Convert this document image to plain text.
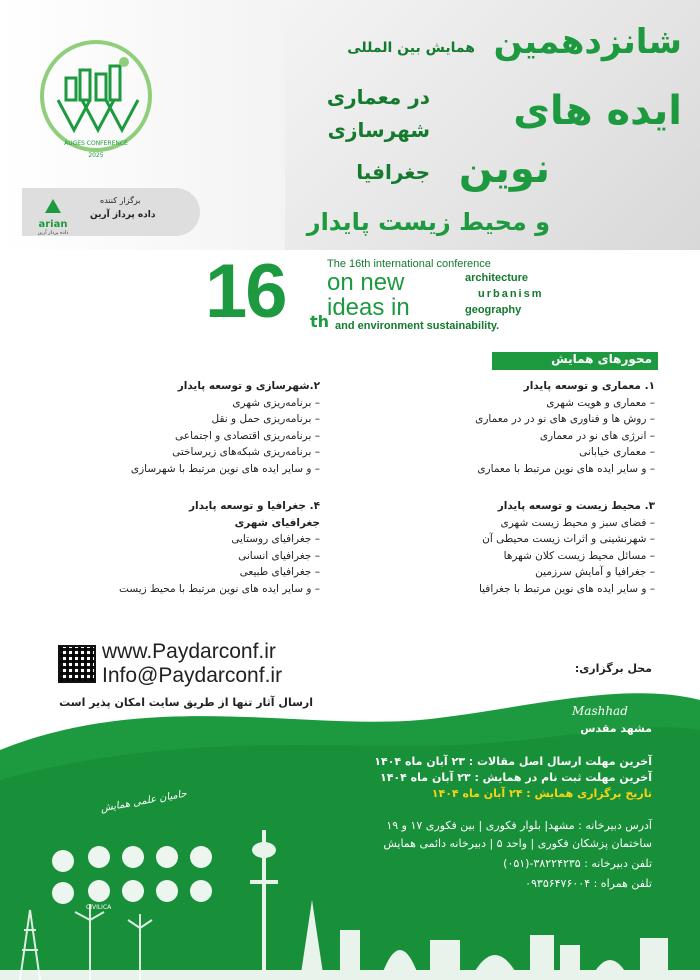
AUGES CONFERENCE
2025
arian
داده پرداز آرین
برگزار کننده
داده پرداز آرین
شانزدهمین
همایش بین المللی
ایده های
در معماری
شهرسازی
نوین
جغرافیا
و محیط زیست پایدار
16 th
The 16th international conference
on new
ideas in
architecture
urbanism
geography
and environment sustainability.
محورهای همایش
۱. معماری و توسعه پایدار
– معماری و هویت شهری
– روش ها و فناوری های نو در در معماری
– انرژی های نو در معماری
– معماری خیابانی
– و سایر ایده های نوین مرتبط با معماری
۲.شهرسازی و توسعه پایدار
– برنامه‌ریزی شهری
– برنامه‌ریزی حمل و نقل
– برنامه‌ریزی اقتصادی و اجتماعی
– برنامه‌ریزی شبکه‌های زیرساختی
– و سایر ایده های نوین مرتبط با شهرسازی
۳. محیط زیست و توسعه پایدار
– فضای سبز و محیط زیست شهری
– شهرنشینی و اثرات زیست محیطی آن
– مسائل محیط زیست کلان شهرها
– جغرافیا و آمایش سرزمین
– و سایر ایده های نوین مرتبط با جغرافیا
۴. جغرافیا و توسعه پایدار
جغرافیای شهری
– جغرافیای روستایی
– جغرافیای انسانی
– جغرافیای طبیعی
– و سایر ایده های نوین مرتبط با محیط زیست
www.Paydarconf.ir
Info@Paydarconf.ir
ارسال آثار تنها از طریق سایت امکان پذیر است
محل برگزاری:
Mashhad
مشهد مقدس
آخرین مهلت ارسال اصل مقالات : ۲۳ آبان ماه ۱۴۰۴
آخرین مهلت ثبت نام در همایش : ۲۳ آبان ماه ۱۴۰۴
تاریخ برگزاری همایش : ۲۴ آبان ماه ۱۴۰۴
آدرس دبیرخانه : مشهد| بلوار فکوری | بین فکوری ۱۷ و ۱۹
ساختمان پزشکان فکوری | واحد ۵ | دبیرخانه دائمی همایش
تلفن دبیرخانه : ۳۸۲۲۴۲۳۵-(۰۵۱)
تلفن همراه : ۰۹۳۵۶۴۷۶۰۰۴
حامیان علمی همایش
CIVILICA
